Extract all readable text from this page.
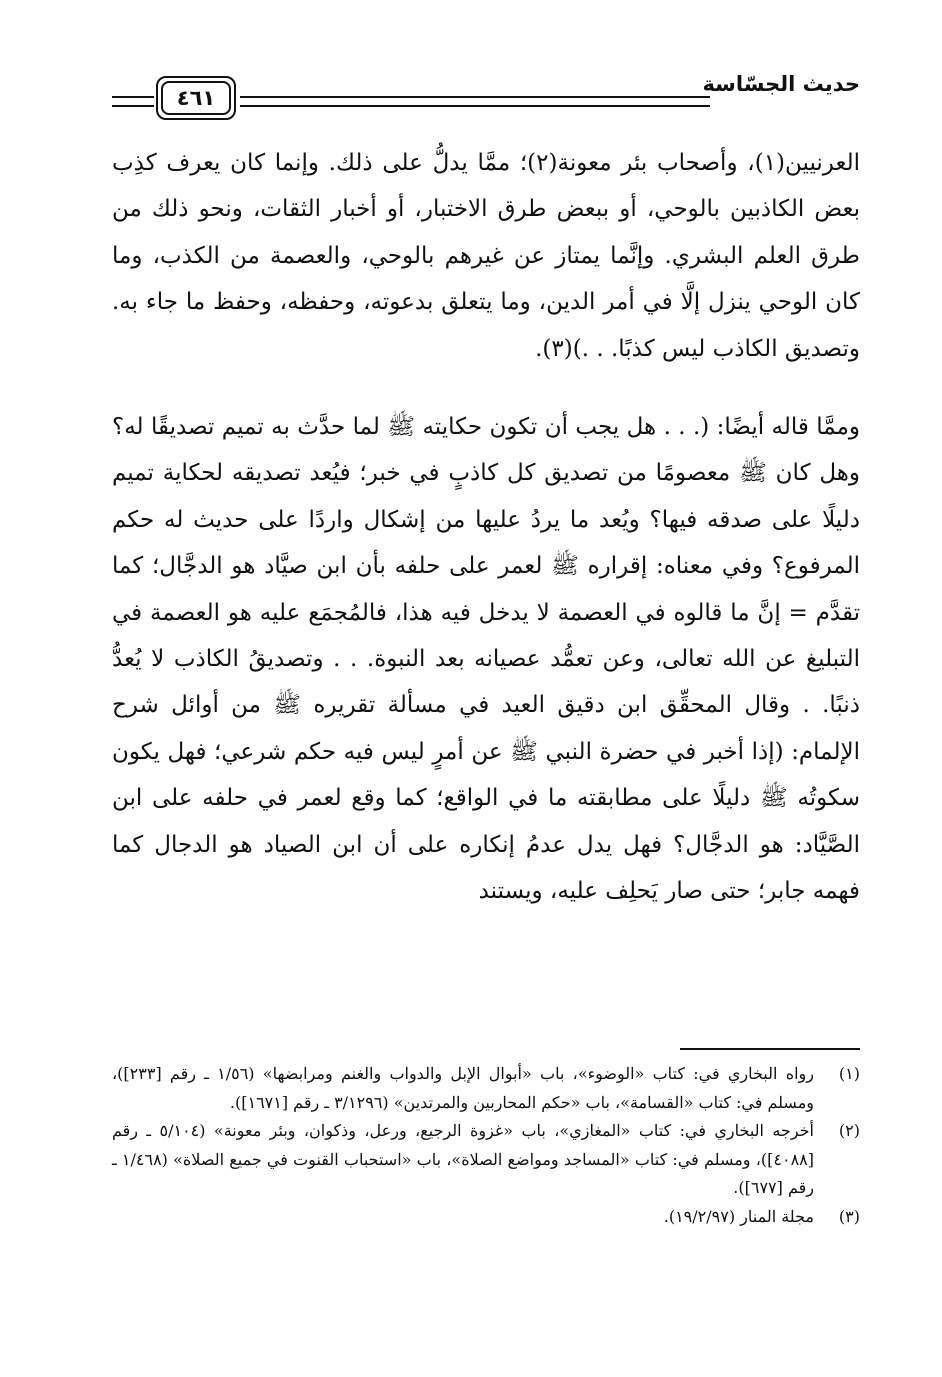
حديث الجسّاسة
٤٦١

العرنيين(١)، وأصحاب بئر معونة(٢)؛ ممَّا يدلُّ على ذلك. وإنما كان يعرف كذِب بعض الكاذبين بالوحي، أو ببعض طرق الاختبار، أو أخبار الثقات، ونحو ذلك من طرق العلم البشري. وإنَّما يمتاز عن غيرهم بالوحي، والعصمة من الكذب، وما كان الوحي ينزل إلَّا في أمر الدين، وما يتعلق بدعوته، وحفظه، وحفظ ما جاء به. وتصديق الكاذب ليس كذبًا. . .)(٣).

وممَّا قاله أيضًا: (. . . هل يجب أن تكون حكايته ﷺ لما حدَّث به تميم تصديقًا له؟ وهل كان ﷺ معصومًا من تصديق كل كاذبٍ في خبر؛ فيُعد تصديقه لحكاية تميم دليلًا على صدقه فيها؟ ويُعد ما يردُ عليها من إشكال واردًا على حديث له حكم المرفوع؟ وفي معناه: إقراره ﷺ لعمر على حلفه بأن ابن صيَّاد هو الدجَّال؛ كما تقدَّم = إنَّ ما قالوه في العصمة لا يدخل فيه هذا، فالمُجمَع عليه هو العصمة في التبليغ عن الله تعالى، وعن تعمُّد عصيانه بعد النبوة. . . وتصديقُ الكاذب لا يُعدُّ ذنبًا. . وقال المحقِّق ابن دقيق العيد في مسألة تقريره ﷺ من أوائل شرح الإلمام: (إذا أخبر في حضرة النبي ﷺ عن أمرٍ ليس فيه حكم شرعي؛ فهل يكون سكوتُه ﷺ دليلًا على مطابقته ما في الواقع؛ كما وقع لعمر في حلفه على ابن الصَّيَّاد: هو الدجَّال؟ فهل يدل عدمُ إنكاره على أن ابن الصياد هو الدجال كما فهمه جابر؛ حتى صار يَحلِف عليه، ويستند

(١)
رواه البخاري في: كتاب «الوضوء»، باب «أبوال الإبل والدواب والغنم ومرابضها» (١/٥٦ ـ رقم [٢٣٣])، ومسلم في: كتاب «القسامة»، باب «حكم المحاربين والمرتدين» (٣/١٢٩٦ ـ رقم [١٦٧١]).
(٢)
أخرجه البخاري في: كتاب «المغازي»، باب «غزوة الرجيع، ورعل، وذكوان، وبئر معونة» (٥/١٠٤ ـ رقم [٤٠٨٨])، ومسلم في: كتاب «المساجد ومواضع الصلاة»، باب «استحباب القنوت في جميع الصلاة» (١/٤٦٨ ـ رقم [٦٧٧]).
(٣)
مجلة المنار (١٩/٢/٩٧).
